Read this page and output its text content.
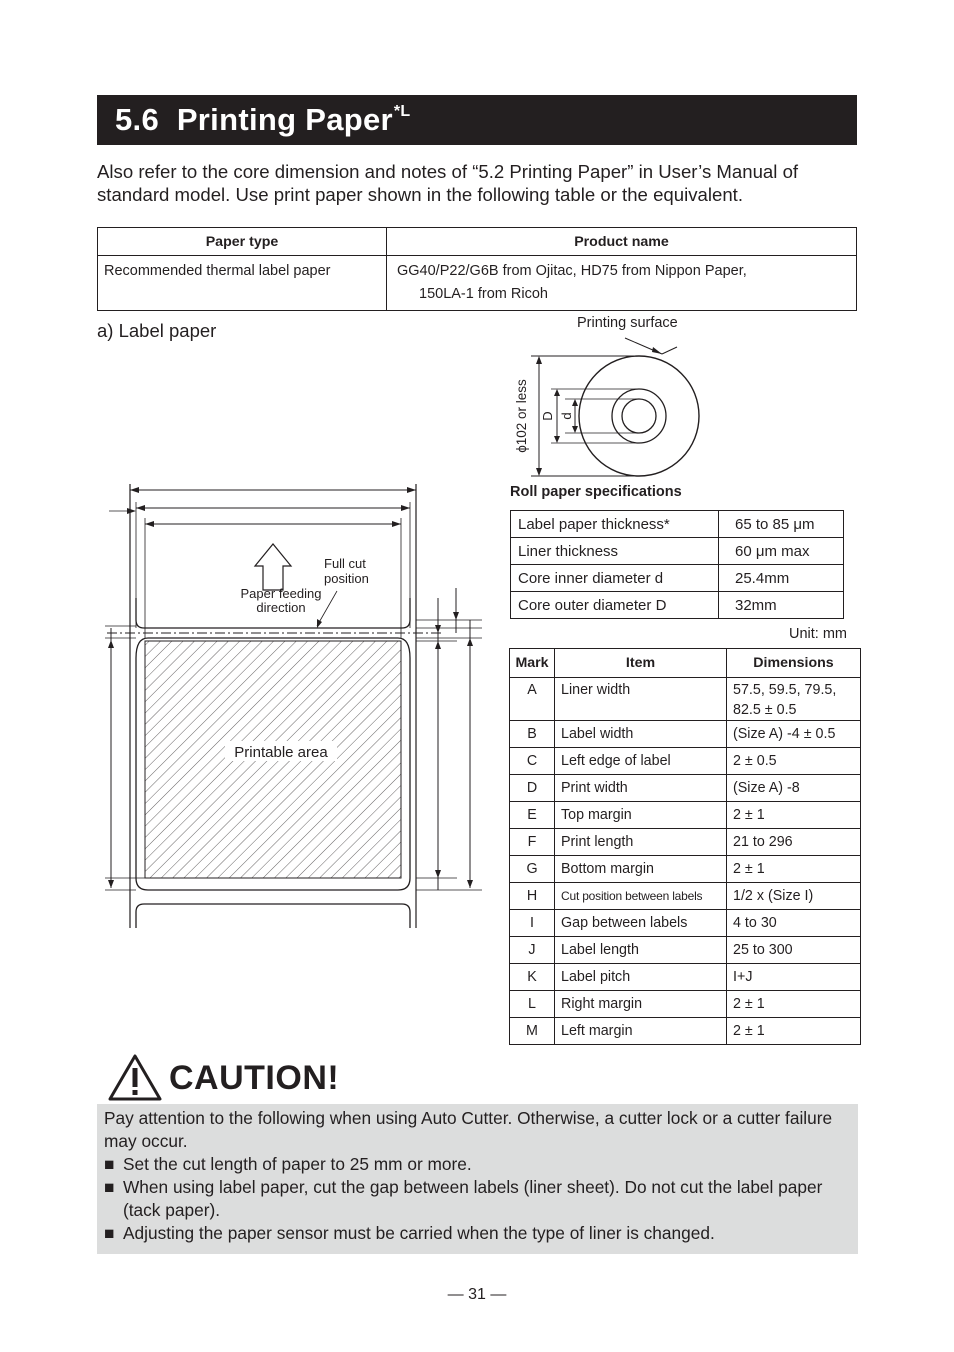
5.6 Printing Paper$^{*L}$

Also refer to the core dimension and notes of “5.2 Printing Paper” in User’s Manual of standard model. Use print paper shown in the following table or the equivalent.

Paper type	Product name
Recommended thermal label paper	GG40/P22/G6B from Ojitac, HD75 from Nippon Paper,
150LA-1 from Ricoh
a) Label paper	Printing surface
ϕ102 or less D d
Roll paper specifications
Label paper thickness*	65 to 85 μm
Liner thickness	60 μm max
Core inner diameter d	25.4mm
Core outer diameter D	32mm
Unit: mm
Mark	Item	Dimensions
A	Liner width	57.5, 59.5, 79.5,
82.5 ± 0.5

B	Label width	(Size A) -4 ± 0.5
C	Left edge of label	2 ± 0.5
D	Print width	(Size A) -8
E	Top margin	2 ± 1
F	Print length	21 to 296
G	Bottom margin	2 ± 1
H	Cut position between labels	1/2 x (Size I)
I	Gap between labels	4 to 30
J	Label length	25 to 300
K	Label pitch	I+J
L	Right margin	2 ± 1
M	Left margin	2 ± 1
Full cut
position
Paper feeding
direction
Printable area
CAUTION!

Pay attention to the following when using Auto Cutter. Otherwise, a cutter lock or a cutter failure may occur.

■ Set the cut length of paper to 25 mm or more.
■ When using label paper, cut the gap between labels (liner sheet). Do not cut the label paper (tack paper).
■ Adjusting the paper sensor must be carried when the type of liner is changed.
— 31 —
